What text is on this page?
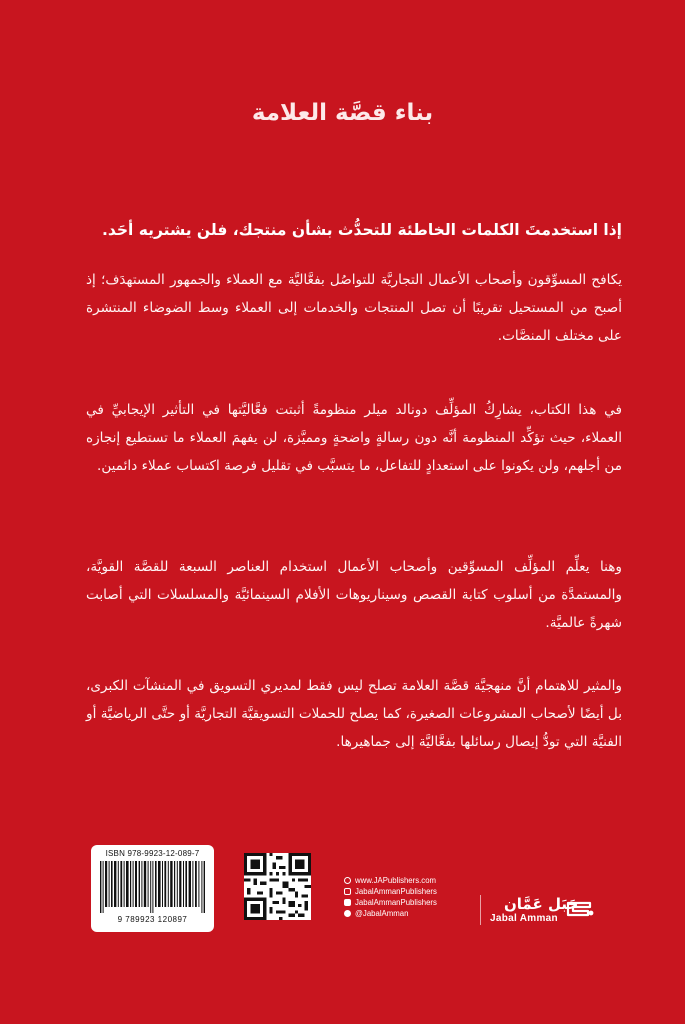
بناء قصَّة العلامة
إذا استخدمتَ الكلمات الخاطئة للتحدُّث بشأن منتجك، فلن يشتريه أحَد.
يكافح المسوِّقون وأصحاب الأعمال التجاريَّة للتواصُل بفعَّاليَّة مع العملاء والجمهور المستهدَف؛ إذ أصبح من المستحيل تقريبًا أن تصل المنتجات والخدمات إلى العملاء وسط الضوضاء المنتشرة على مختلف المنصَّات.
في هذا الكتاب، يشارِكُ المؤلِّف دونالد ميلر منظومةً أثبتت فعَّاليَّتها في التأثير الإيجابيِّ في العملاء، حيث تؤكِّد المنظومة أنَّه دون رسالةٍ واضحةٍ ومميَّزة، لن يفهمَ العملاء ما تستطيع إنجازه من أجلهم، ولن يكونوا على استعدادٍ للتفاعل، ما يتسبَّب في تقليل فرصة اكتساب عملاء دائمين.
وهنا يعلِّم المؤلِّف المسوِّقين وأصحاب الأعمال استخدام العناصر السبعة للقصَّة القويَّة، والمستمدَّة من أسلوب كتابة القصص وسيناريوهات الأفلام السينمائيَّة والمسلسلات التي أصابت شهرةً عالميَّة.
والمثير للاهتمام أنَّ منهجيَّة قصَّة العلامة تصلح ليس فقط لمديري التسويق في المنشآت الكبرى، بل أيضًا لأصحاب المشروعات الصغيرة، كما يصلح للحملات التسويقيَّة التجاريَّة أو حتَّى الرياضيَّة أو الفنيَّة التي تودُّ إيصال رسائلها بفعَّاليَّة إلى جماهيرها.
ISBN 978-9923-12-089-7
9 789923 120897
www.JAPublishers.com
JabalAmmanPublishers
JabalAmmanPublishers
@JabalAmman
جَبَل عَمَّان
Jabal Amman
